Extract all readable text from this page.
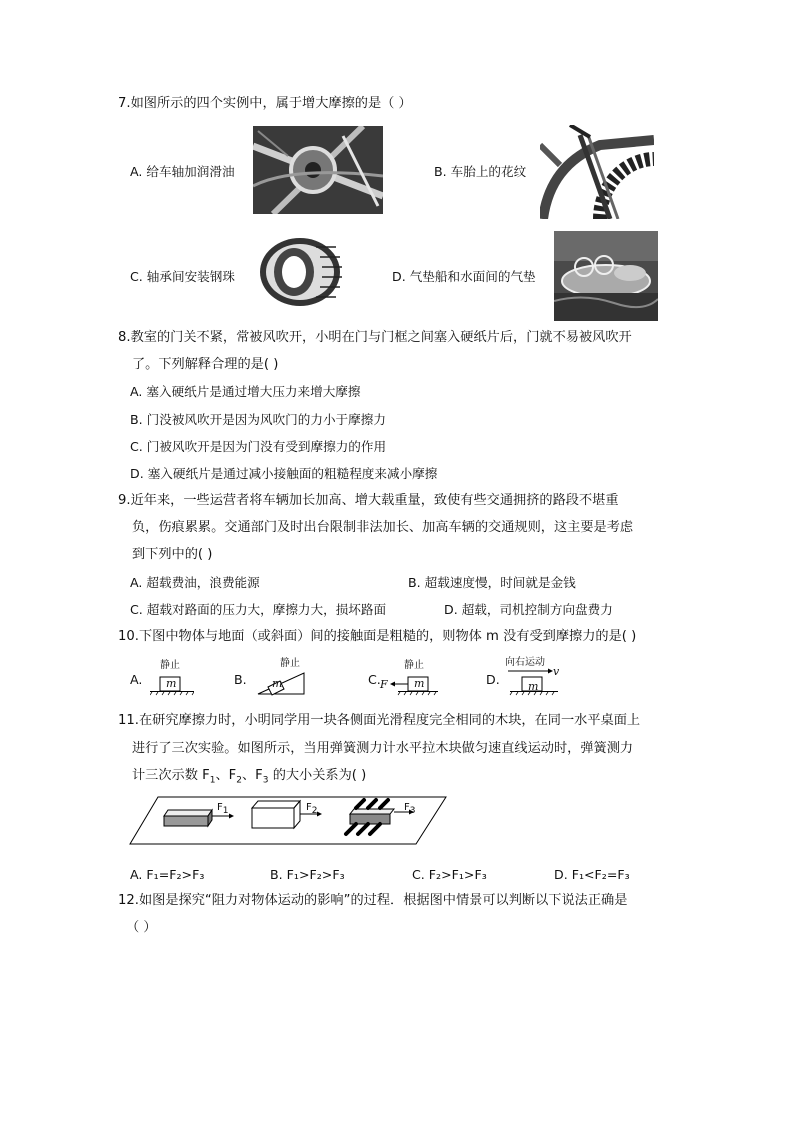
7.如图所示的四个实例中，属于增大摩擦的是（ ）
A. 给车轴加润滑油	B. 车胎上的花纹
C. 轴承间安装钢珠	D. 气垫船和水面间的气垫
8.教室的门关不紧，常被风吹开，小明在门与门框之间塞入硬纸片后，门就不易被风吹开
了。下列解释合理的是( )
A. 塞入硬纸片是通过增大压力来增大摩擦
B. 门没被风吹开是因为风吹门的力小于摩擦力
C. 门被风吹开是因为门没有受到摩擦力的作用
D. 塞入硬纸片是通过减小接触面的粗糙程度来减小摩擦
9.近年来，一些运营者将车辆加长加高、增大载重量，致使有些交通拥挤的路段不堪重
负，伤痕累累。交通部门及时出台限制非法加长、加高车辆的交通规则，这主要是考虑
到下列中的( )
A. 超载费油，浪费能源	B. 超载速度慢，时间就是金钱
C. 超载对路面的压力大，摩擦力大，损坏路面	D. 超载，司机控制方向盘费力
10.下图中物体与地面（或斜面）间的接触面是粗糙的，则物体 m 没有受到摩擦力的是( )
A.
静止
m	B.
静止
m	C.
静止
F m	D.
向右运动
v
m
11.在研究摩擦力时，小明同学用一块各侧面光滑程度完全相同的木块，在同一水平桌面上
进行了三次实验。如图所示，当用弹簧测力计水平拉木块做匀速直线运动时，弹簧测力
计三次示数 $F_1$、$F_2$、$F_3$ 的大小关系为( )
$F_1$	$F_2$	$F_3$
A. F₁=F₂>F₃	B. F₁>F₂>F₃	C. F₂>F₁>F₃	D. F₁<F₂=F₃
12.如图是探究“阻力对物体运动的影响”的过程．根据图中情景可以判断以下说法正确是
（ ）
